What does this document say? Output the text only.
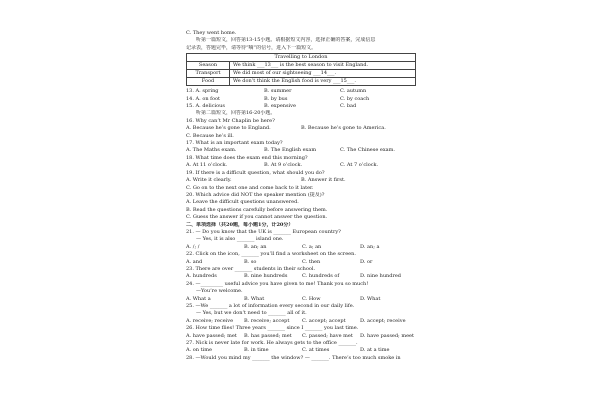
C. They went home.
听第一篇短文，回答第13-15小题。请根据短文内容，选择正确的答案，完成信息
记录表，答题完毕，请等待“嘀”的信号，进入下一篇短文。
Travelling to London	
Season	We think ___13___ is the best season to visit England.
Transport	We did most of our sightseeing ___14___.
Food	We don’t think the English food is very ___15___.
13. A. spring	B. summer	C. autumn
14. A. on foot	B. by bus	C. by coach
15. A. delicious	B. expensive	C. bad
听第二篇短文，回答第16-20小题。
16. Why can’t Mr Chaplin be here?
A. Because he’s gone to England.	B. Because he’s gone to America.
C. Because he’s ill.
17. What is an important exam today?
A. The Maths exam.	B. The English exam	C. The Chinese exam.
18. What time does the exam end this morning?
A. At 11 o’clock.	B. At 9 o’clock.	C. At 7 o’clock.
19. If there is a difficult question, what should you do?
A. Write it clearly.	B. Answer it first.
C. Go on to the next one and come back to it later.
20. Which advice did NOT the speaker mention (提及)?
A. Leave the difficult questions unanswered.
B. Read the questions carefully before answering them.
C. Guess the answer if you cannot answer the question.
二、单项选择（共20题，每小题1分，计20分）
21. — Do you know that the UK is _______ European country?
— Yes, it is also _______ island one.
A. /; /	B. an; an	C. a; an	D. an; a
22. Click on the icon, _______ you’ll find a worksheet on the screen.
A. and	B. so	C. then	D. or
23. There are over _______ students in their school.
A. hundreds	B. nine hundreds	C. hundreds of	D. nine hundred
24. —_________ useful advice you have given to me! Thank you so much!
—You’re welcome.
A. What a	B. What	C. How	D. What
25. —We _______ a lot of information every second in our daily life.
— Yes, but we don’t need to _______ all of it.
A. receive; receive	B. receive; accept	C. accept; accept	D. accept; receive
26. How time flies! Three years _______ since I _______ you last time.
A. have passed; met	B. has passed; met	C. passed; have met	D. have passed; meet
27. Nick is never late for work. He always gets to the office _______.
A. on time	B. in time	C. at times	D. at a time
28. —Would you mind my _______ the window? — _______. There’s too much smoke in
